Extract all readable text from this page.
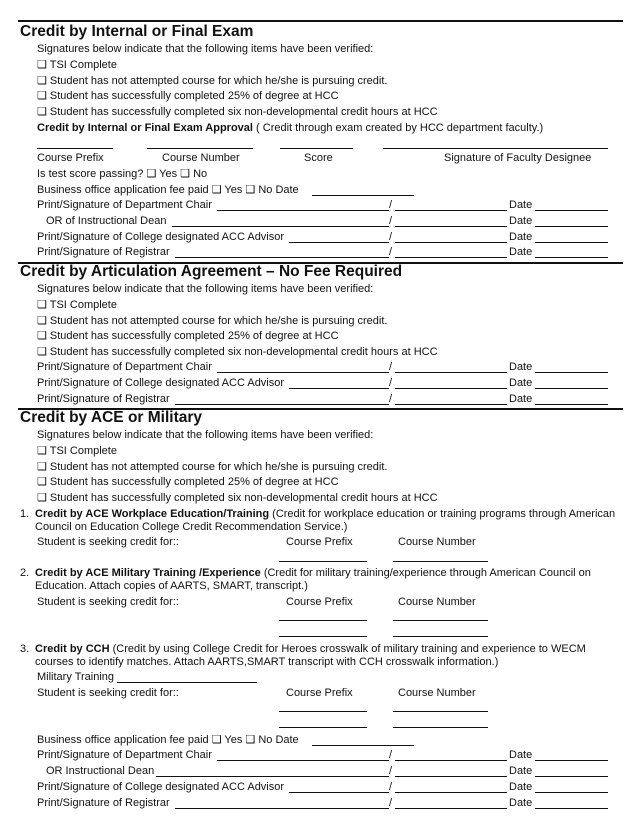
Credit by Internal or Final Exam
Signatures below indicate that the following items have been verified:
❑ TSI Complete
❑ Student has not attempted course for which he/she is pursuing credit.
❑ Student has successfully completed 25% of degree at HCC
❑ Student has successfully completed six non-developmental credit hours at HCC
Credit by Internal or Final Exam Approval ( Credit through exam created by HCC department faculty.)
Course Prefix	Course Number	Score	Signature of Faculty Designee
Is test score passing? ❑ Yes ❑ No
Business office application fee paid ❑ Yes ❑ No Date
Print/Signature of Department Chair	/	Date
OR of Instructional Dean	/	Date
Print/Signature of College designated ACC Advisor	/	Date
Print/Signature of Registrar	/	Date
Credit by Articulation Agreement – No Fee Required
Signatures below indicate that the following items have been verified:
❑ TSI Complete
❑ Student has not attempted course for which he/she is pursuing credit.
❑ Student has successfully completed 25% of degree at HCC
❑ Student has successfully completed six non-developmental credit hours at HCC
Print/Signature of Department Chair	/	Date
Print/Signature of College designated ACC Advisor	/	Date
Print/Signature of Registrar	/	Date
Credit by ACE or Military
Signatures below indicate that the following items have been verified:
❑ TSI Complete
❑ Student has not attempted course for which he/she is pursuing credit.
❑ Student has successfully completed 25% of degree at HCC
❑ Student has successfully completed six non-developmental credit hours at HCC
1. Credit by ACE Workplace Education/Training (Credit for workplace education or training programs through American Council on Education College Credit Recommendation Service.)
Student is seeking credit for::	Course Prefix	Course Number
2. Credit by ACE Military Training /Experience (Credit for military training/experience through American Council on Education. Attach copies of AARTS, SMART, transcript.)
Student is seeking credit for::	Course Prefix	Course Number
3. Credit by CCH (Credit by using College Credit for Heroes crosswalk of military training and experience to WECM courses to identify matches. Attach AARTS,SMART transcript with CCH crosswalk information.)
Military Training
Student is seeking credit for::	Course Prefix	Course Number
Business office application fee paid ❑ Yes ❑ No Date
Print/Signature of Department Chair	/	Date
OR Instructional Dean	/	Date
Print/Signature of College designated ACC Advisor	/	Date
Print/Signature of Registrar	/	Date
